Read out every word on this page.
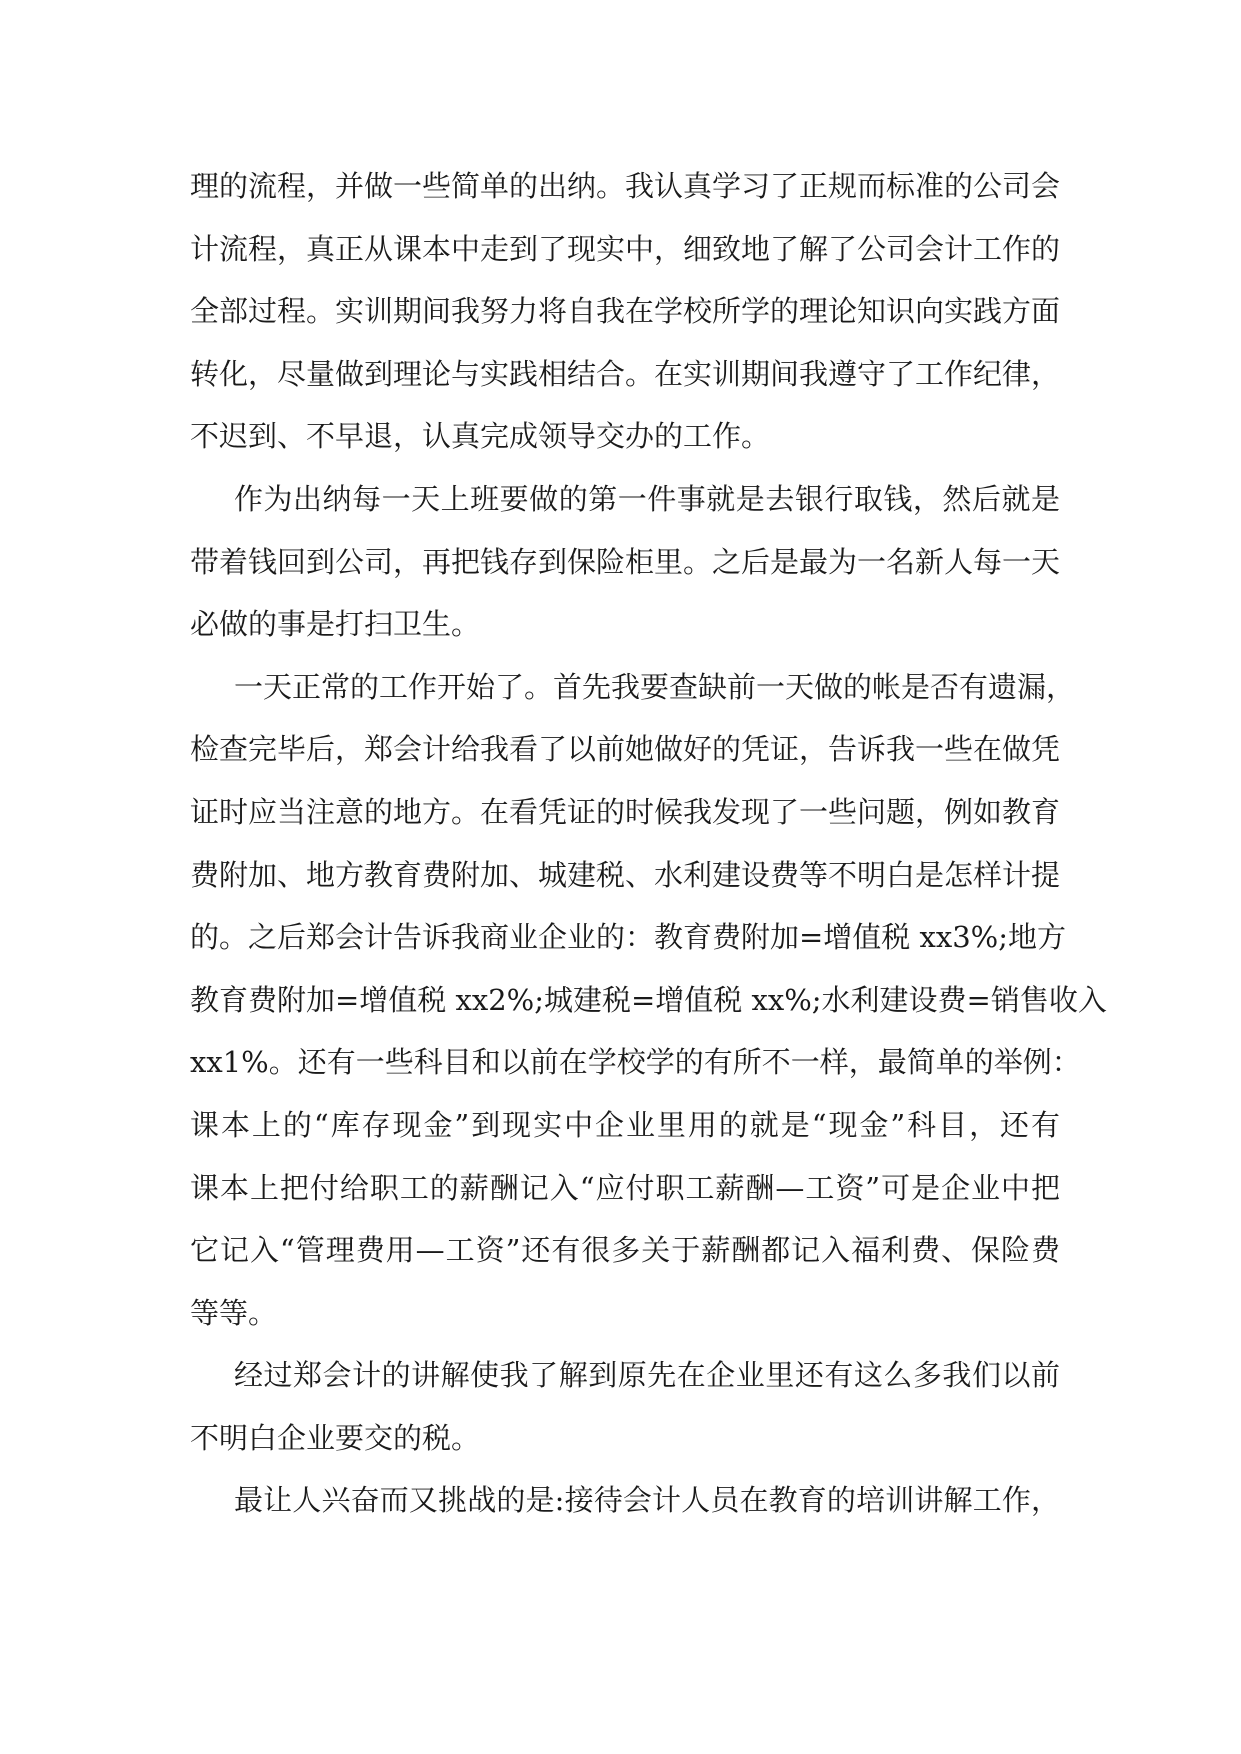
理的流程，并做一些简单的出纳。我认真学习了正规而标准的公司会
计流程，真正从课本中走到了现实中，细致地了解了公司会计工作的
全部过程。实训期间我努力将自我在学校所学的理论知识向实践方面
转化，尽量做到理论与实践相结合。在实训期间我遵守了工作纪律，
不迟到、不早退，认真完成领导交办的工作。

作为出纳每一天上班要做的第一件事就是去银行取钱，然后就是
带着钱回到公司，再把钱存到保险柜里。之后是最为一名新人每一天
必做的事是打扫卫生。

一天正常的工作开始了。首先我要查缺前一天做的帐是否有遗漏，
检查完毕后，郑会计给我看了以前她做好的凭证，告诉我一些在做凭
证时应当注意的地方。在看凭证的时候我发现了一些问题，例如教育
费附加、地方教育费附加、城建税、水利建设费等不明白是怎样计提
的。之后郑会计告诉我商业企业的：教育费附加=增值税 xx3%;地方
教育费附加=增值税 xx2%;城建税=增值税 xx%;水利建设费=销售收入
xx1%。还有一些科目和以前在学校学的有所不一样，最简单的举例：
课本上的“库存现金”到现实中企业里用的就是“现金”科目，还有
课本上把付给职工的薪酬记入“应付职工薪酬—工资”可是企业中把
它记入“管理费用—工资”还有很多关于薪酬都记入福利费、保险费
等等。

经过郑会计的讲解使我了解到原先在企业里还有这么多我们以前
不明白企业要交的税。

最让人兴奋而又挑战的是:接待会计人员在教育的培训讲解工作，
